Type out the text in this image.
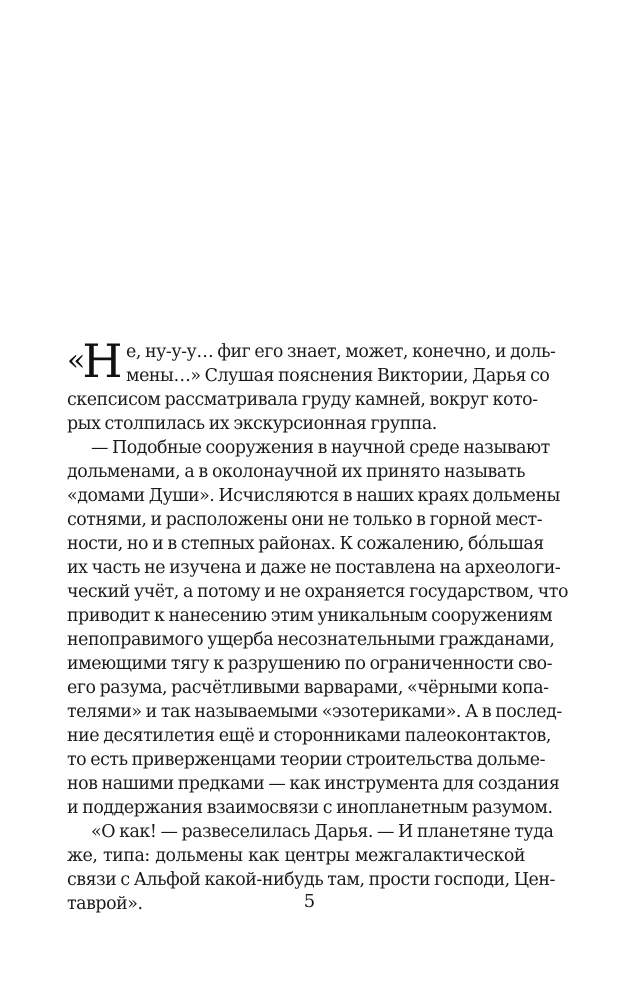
«Н е, ну-у-у… фиг его знает, может, конечно, и доль-
мены…» Слушая пояснения Виктории, Дарья со
скепсисом рассматривала груду камней, вокруг кото-
рых столпилась их экскурсионная группа.
— Подобные сооружения в научной среде называют
дольменами, а в околонаучной их принято называть
«домами Души». Исчисляются в наших краях дольмены
сотнями, и расположены они не только в горной мест-
ности, но и в степных районах. К сожалению, бóльшая
их часть не изучена и даже не поставлена на археологи-
ческий учёт, а потому и не охраняется государством, что
приводит к нанесению этим уникальным сооружениям
непоправимого ущерба несознательными гражданами,
имеющими тягу к разрушению по ограниченности сво-
его разума, расчётливыми варварами, «чёрными копа-
телями» и так называемыми «эзотериками». А в послед-
ние десятилетия ещё и сторонниками палеоконтактов,
то есть приверженцами теории строительства дольме-
нов нашими предками — как инструмента для создания
и поддержания взаимосвязи с инопланетным разумом.
«О как! — развеселилась Дарья. — И планетяне туда
же, типа: дольмены как центры межгалактической
связи с Альфой какой-нибудь там, прости господи, Цен-
таврой».	5
